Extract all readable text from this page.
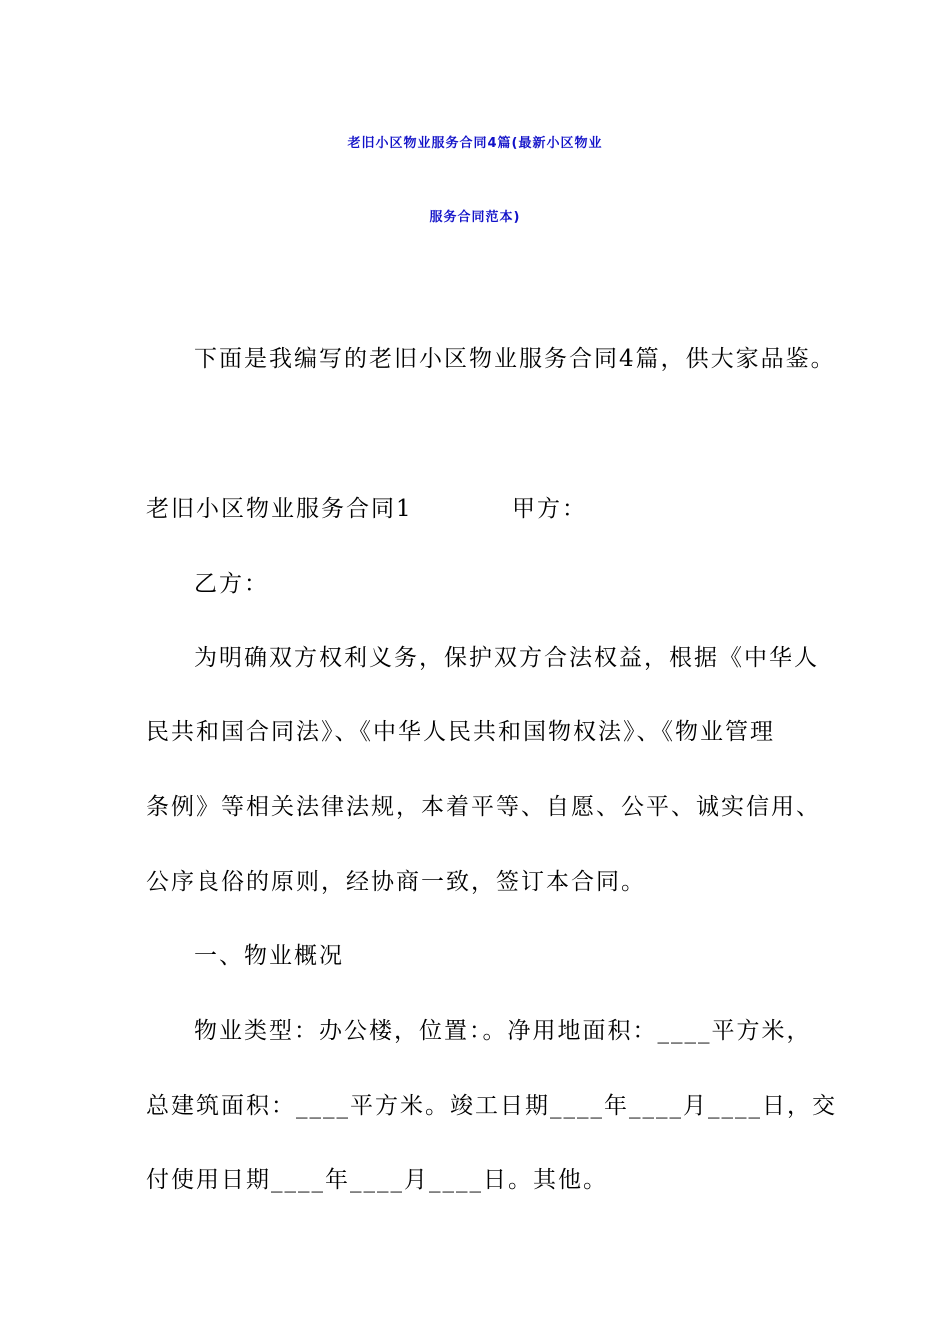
老旧小区物业服务合同4篇(最新小区物业
服务合同范本)
下面是我编写的老旧小区物业服务合同4篇，供大家品鉴。
老旧小区物业服务合同1	甲方：
乙方：
为明确双方权利义务，保护双方合法权益，根据《中华人
民共和国合同法》、《中华人民共和国物权法》、《物业管理
条例》等相关法律法规，本着平等、自愿、公平、诚实信用、
公序良俗的原则，经协商一致，签订本合同。
一、物业概况
物业类型：办公楼，位置：。净用地面积：____平方米，
总建筑面积：____平方米。竣工日期____年____月____日，交
付使用日期____年____月____日。其他。
